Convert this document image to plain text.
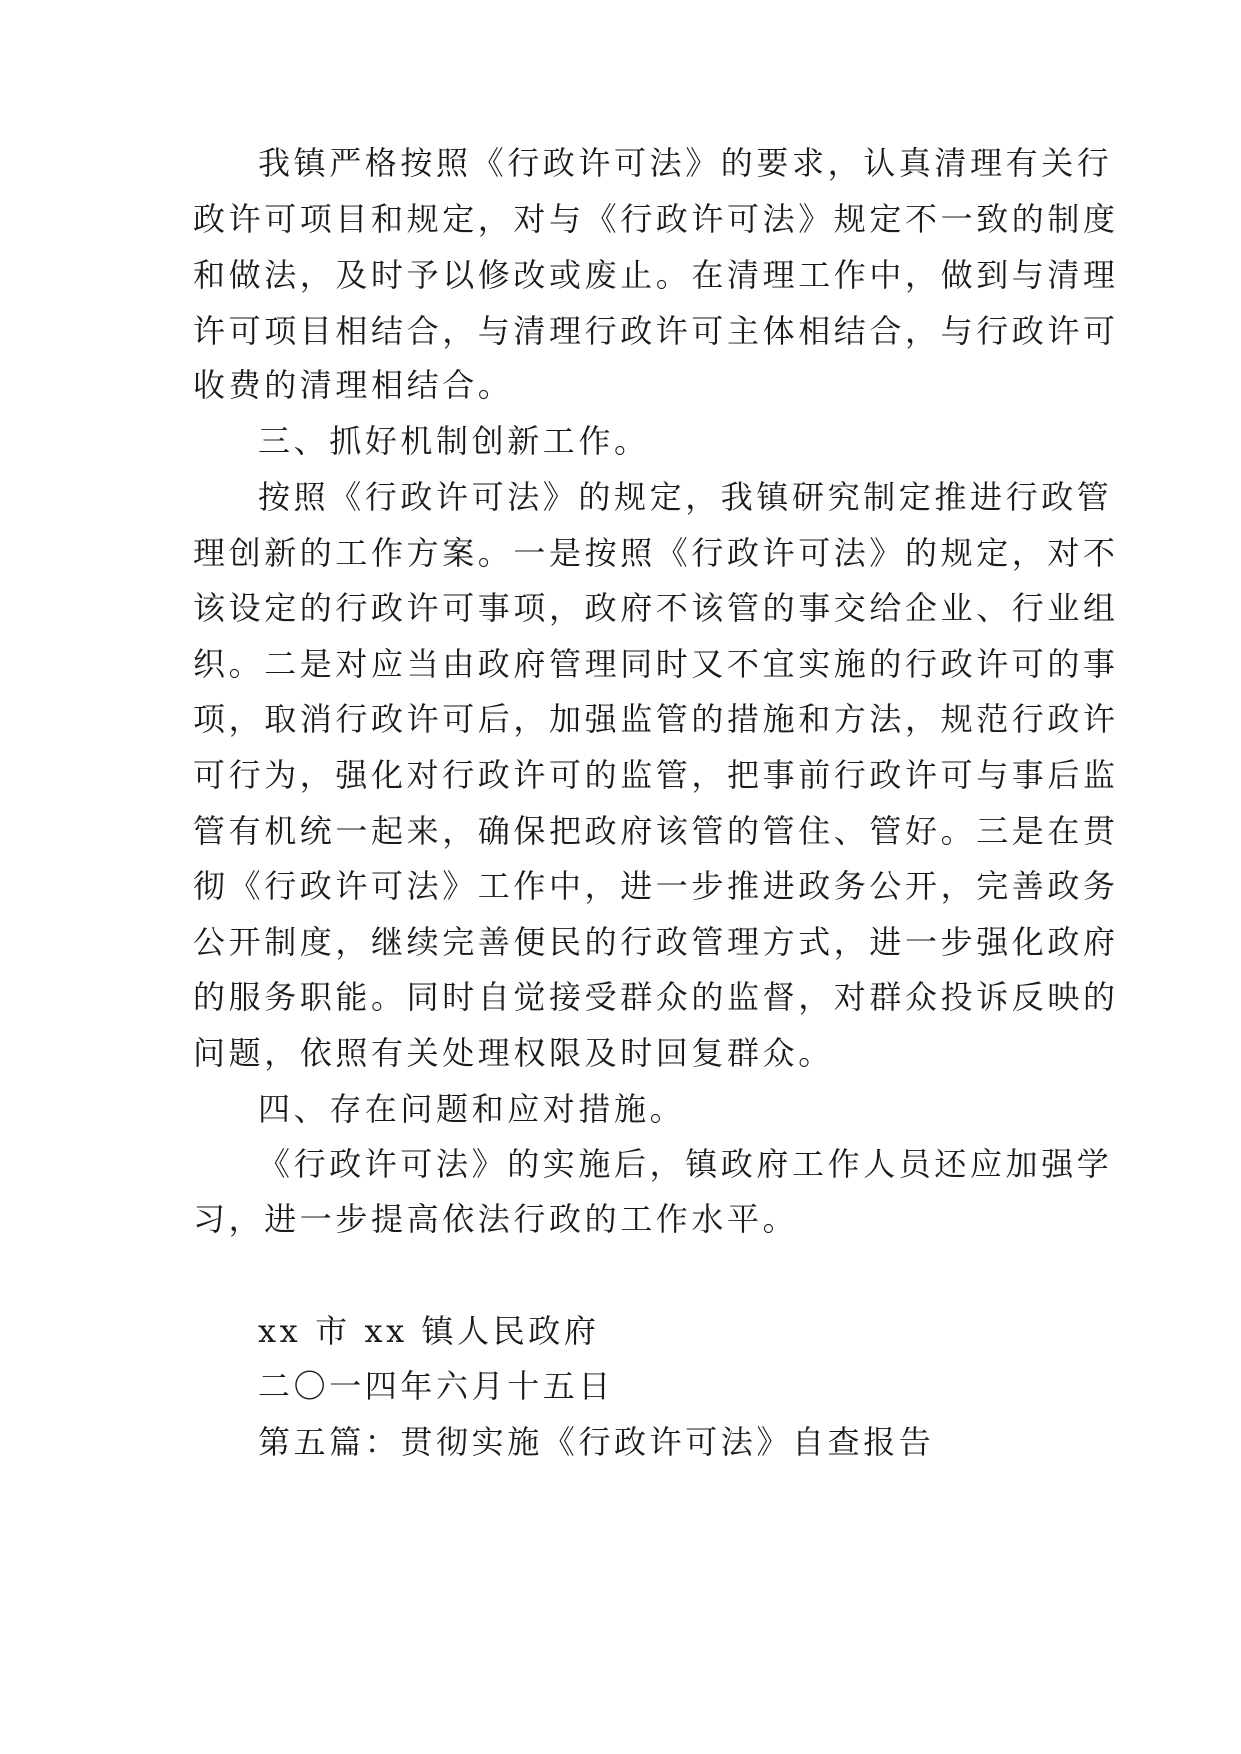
我镇严格按照《行政许可法》的要求，认真清理有关行
政许可项目和规定，对与《行政许可法》规定不一致的制度
和做法，及时予以修改或废止。在清理工作中，做到与清理
许可项目相结合，与清理行政许可主体相结合，与行政许可
收费的清理相结合。
三、抓好机制创新工作。
按照《行政许可法》的规定，我镇研究制定推进行政管
理创新的工作方案。一是按照《行政许可法》的规定，对不
该设定的行政许可事项，政府不该管的事交给企业、行业组
织。二是对应当由政府管理同时又不宜实施的行政许可的事
项，取消行政许可后，加强监管的措施和方法，规范行政许
可行为，强化对行政许可的监管，把事前行政许可与事后监
管有机统一起来，确保把政府该管的管住、管好。三是在贯
彻《行政许可法》工作中，进一步推进政务公开，完善政务
公开制度，继续完善便民的行政管理方式，进一步强化政府
的服务职能。同时自觉接受群众的监督，对群众投诉反映的
问题，依照有关处理权限及时回复群众。
四、存在问题和应对措施。
《行政许可法》的实施后，镇政府工作人员还应加强学
习，进一步提高依法行政的工作水平。
xx 市 xx 镇人民政府
二〇一四年六月十五日
第五篇：贯彻实施《行政许可法》自查报告
